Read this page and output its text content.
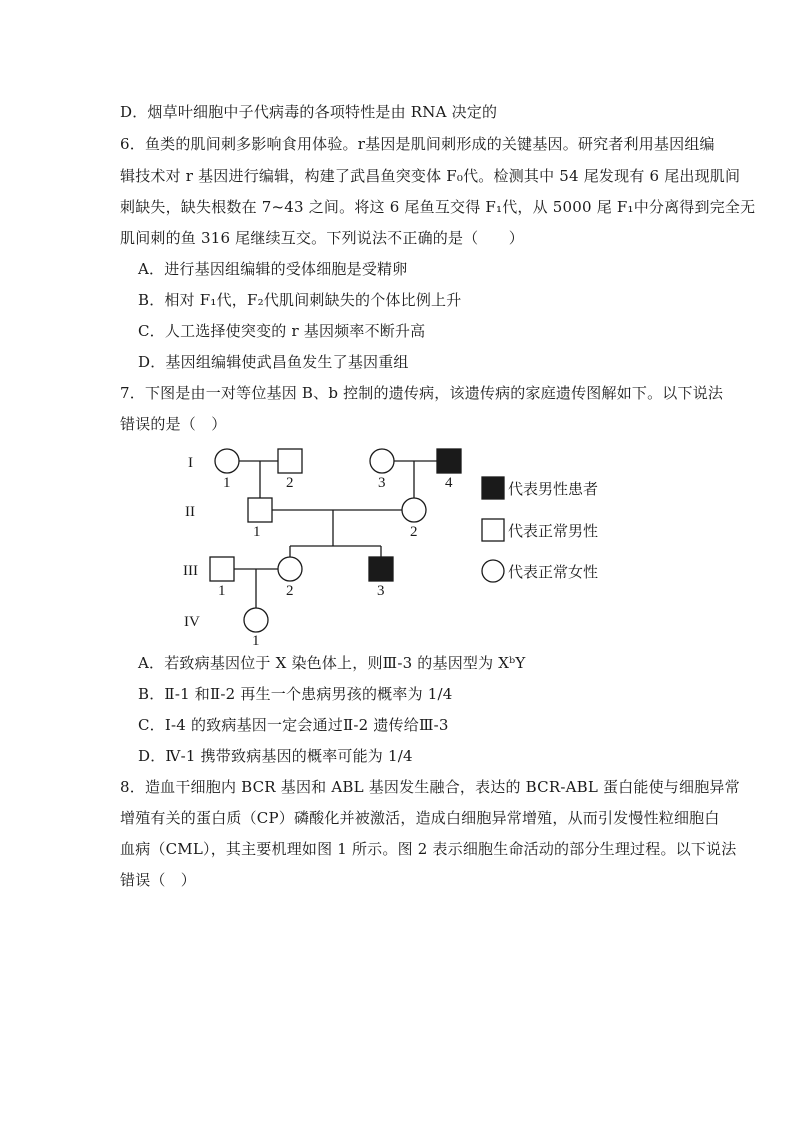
D．烟草叶细胞中子代病毒的各项特性是由 RNA 决定的
6．鱼类的肌间刺多影响食用体验。r基因是肌间刺形成的关键基因。研究者利用基因组编
辑技术对 r 基因进行编辑，构建了武昌鱼突变体 F₀代。检测其中 54 尾发现有 6 尾出现肌间
刺缺失，缺失根数在 7~43 之间。将这 6 尾鱼互交得 F₁代，从 5000 尾 F₁中分离得到完全无
肌间刺的鱼 316 尾继续互交。下列说法不正确的是（　　）
A．进行基因组编辑的受体细胞是受精卵
B．相对 F₁代，F₂代肌间刺缺失的个体比例上升
C．人工选择使突变的 r 基因频率不断升高
D．基因组编辑使武昌鱼发生了基因重组
7．下图是由一对等位基因 B、b 控制的遗传病，该遗传病的家庭遗传图解如下。以下说法
错误的是（　）
I
II
III
IV
1	2	3	4
1	2
1	2	3
1
代表男性患者
代表正常男性
代表正常女性
A．若致病基因位于 X 染色体上，则Ⅲ-3 的基因型为 XᵇY
B．Ⅱ-1 和Ⅱ-2 再生一个患病男孩的概率为 1/4
C．I-4 的致病基因一定会通过Ⅱ-2 遗传给Ⅲ-3
D．Ⅳ-1 携带致病基因的概率可能为 1/4
8．造血干细胞内 BCR 基因和 ABL 基因发生融合，表达的 BCR-ABL 蛋白能使与细胞异常
增殖有关的蛋白质（CP）磷酸化并被激活，造成白细胞异常增殖，从而引发慢性粒细胞白
血病（CML），其主要机理如图 1 所示。图 2 表示细胞生命活动的部分生理过程。以下说法
错误（　）
